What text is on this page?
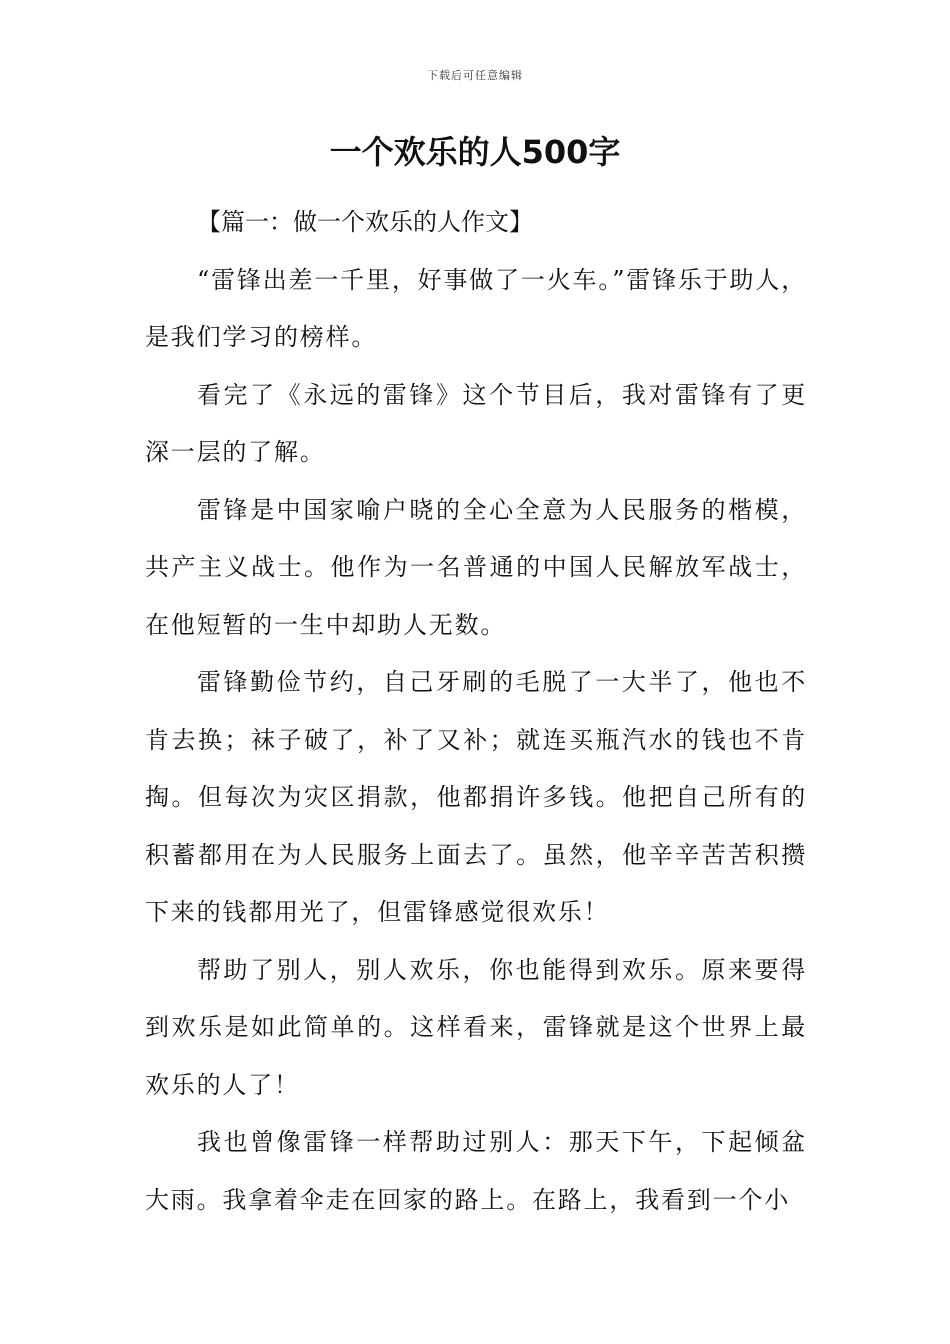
下载后可任意编辑
一个欢乐的人500字

【篇一：做一个欢乐的人作文】

“雷锋出差一千里，好事做了一火车。”雷锋乐于助人，是我们学习的榜样。

看完了《永远的雷锋》这个节目后，我对雷锋有了更深一层的了解。

雷锋是中国家喻户晓的全心全意为人民服务的楷模，共产主义战士。他作为一名普通的中国人民解放军战士，在他短暂的一生中却助人无数。

雷锋勤俭节约，自己牙刷的毛脱了一大半了，他也不肯去换；袜子破了，补了又补；就连买瓶汽水的钱也不肯掏。但每次为灾区捐款，他都捐许多钱。他把自己所有的积蓄都用在为人民服务上面去了。虽然，他辛辛苦苦积攒下来的钱都用光了，但雷锋感觉很欢乐！

帮助了别人，别人欢乐，你也能得到欢乐。原来要得到欢乐是如此简单的。这样看来，雷锋就是这个世界上最欢乐的人了！

我也曾像雷锋一样帮助过别人：那天下午，下起倾盆大雨。我拿着伞走在回家的路上。在路上，我看到一个小
